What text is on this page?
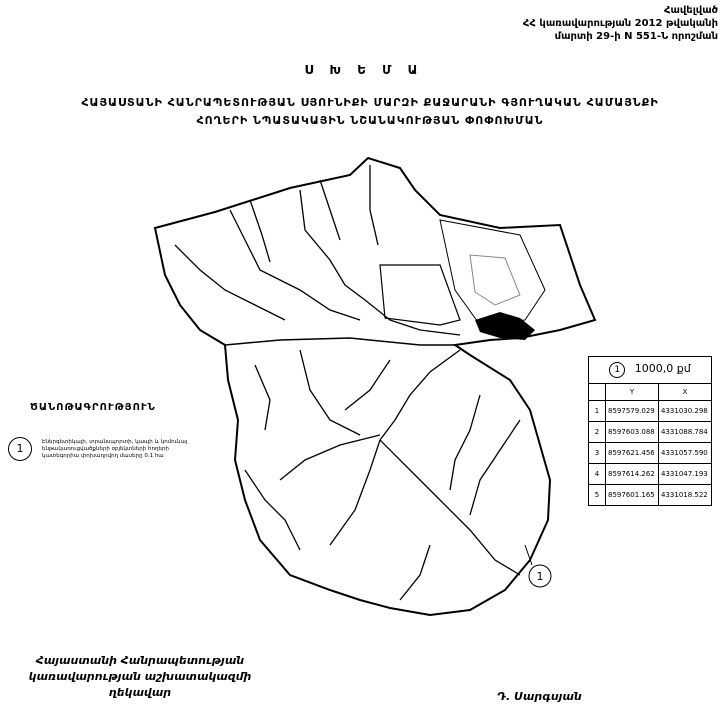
Հավելված
ՀՀ կառավարության 2012 թվականի
մարտի 29-ի N 551-Ն որոշման
Ս Խ Ե Մ Ա
ՀԱՅԱՍՏԱՆԻ ՀԱՆՐԱՊԵՏՈՒԹՅԱՆ ՍՅՈՒՆԻՔԻ ՄԱՐԶԻ ՔԱՋԱՐԱՆԻ ԳՅՈՒՂԱԿԱՆ ՀԱՄԱՅՆՔԻ
ՀՈՂԵՐԻ ՆՊԱՏԱԿԱՅԻՆ ՆՇԱՆԱԿՈՒԹՅԱՆ ՓՈՓՈԽՄԱՆ
1
ԾԱՆՈԹԱԳՐՈՒԹՅՈՒՆ
1	Էներգետիկայի, տրանսպորտի, կապի և կոմունալ ենթակառուցվածքների օբյեկտների հողերի կատեգորիա փոխադրվող մասերը 0.1 հա
1 1000,0 քմ		
	Y	X
1	8597579.029	4331030.298
2	8597603.088	4331088.784
3	8597621.456	4331057.590
4	8597614.262	4331047.193
5	8597601.165	4331018.522
Հայաստանի Հանրապետության
կառավարության աշխատակազմի
ղեկավար	Դ. Սարգսյան
